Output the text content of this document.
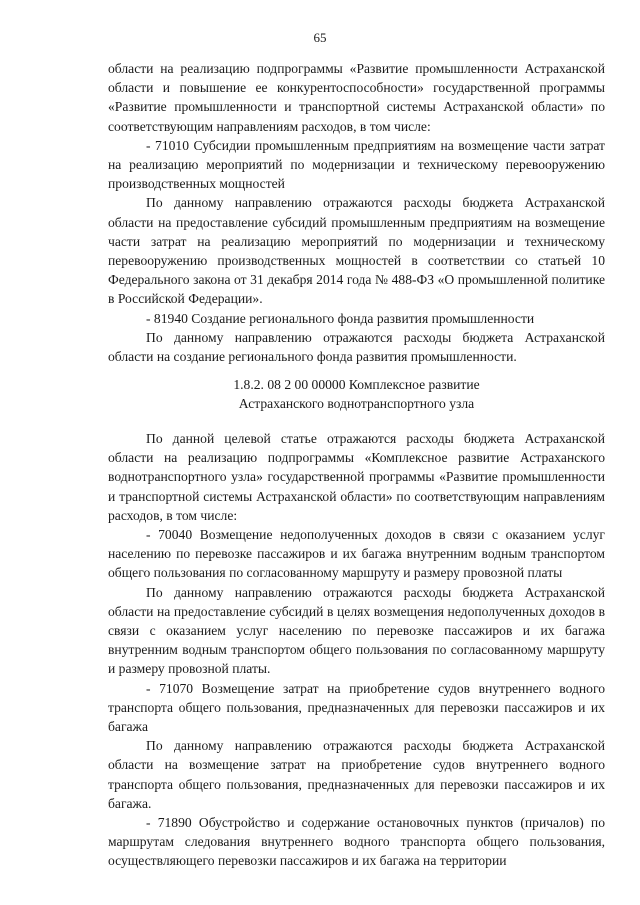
65

области на реализацию подпрограммы «Развитие промышленности Астраханской области и повышение ее конкурентоспособности» государственной программы «Развитие промышленности и транспортной системы Астраханской области» по соответствующим направлениям расходов, в том числе:

- 71010 Субсидии промышленным предприятиям на возмещение части затрат на реализацию мероприятий по модернизации и техническому перевооружению производственных мощностей

По данному направлению отражаются расходы бюджета Астраханской области на предоставление субсидий промышленным предприятиям на возмещение части затрат на реализацию мероприятий по модернизации и техническому перевооружению производственных мощностей в соответствии со статьей 10 Федерального закона от 31 декабря 2014 года № 488-ФЗ «О промышленной политике в Российской Федерации».

- 81940 Создание регионального фонда развития промышленности

По данному направлению отражаются расходы бюджета Астраханской области на создание регионального фонда развития промышленности.

1.8.2. 08 2 00 00000 Комплексное развитие

Астраханского воднотранспортного узла

По данной целевой статье отражаются расходы бюджета Астраханской области на реализацию подпрограммы «Комплексное развитие Астраханского воднотранспортного узла» государственной программы «Развитие промышленности и транспортной системы Астраханской области» по соответствующим направлениям расходов, в том числе:

- 70040 Возмещение недополученных доходов в связи с оказанием услуг населению по перевозке пассажиров и их багажа внутренним водным транспортом общего пользования по согласованному маршруту и размеру провозной платы

По данному направлению отражаются расходы бюджета Астраханской области на предоставление субсидий в целях возмещения недополученных доходов в связи с оказанием услуг населению по перевозке пассажиров и их багажа внутренним водным транспортом общего пользования по согласованному маршруту и размеру провозной платы.

- 71070 Возмещение затрат на приобретение судов внутреннего водного транспорта общего пользования, предназначенных для перевозки пассажиров и их багажа

По данному направлению отражаются расходы бюджета Астраханской области на возмещение затрат на приобретение судов внутреннего водного транспорта общего пользования, предназначенных для перевозки пассажиров и их багажа.

- 71890 Обустройство и содержание остановочных пунктов (причалов) по маршрутам следования внутреннего водного транспорта общего пользования, осуществляющего перевозки пассажиров и их багажа на территории
